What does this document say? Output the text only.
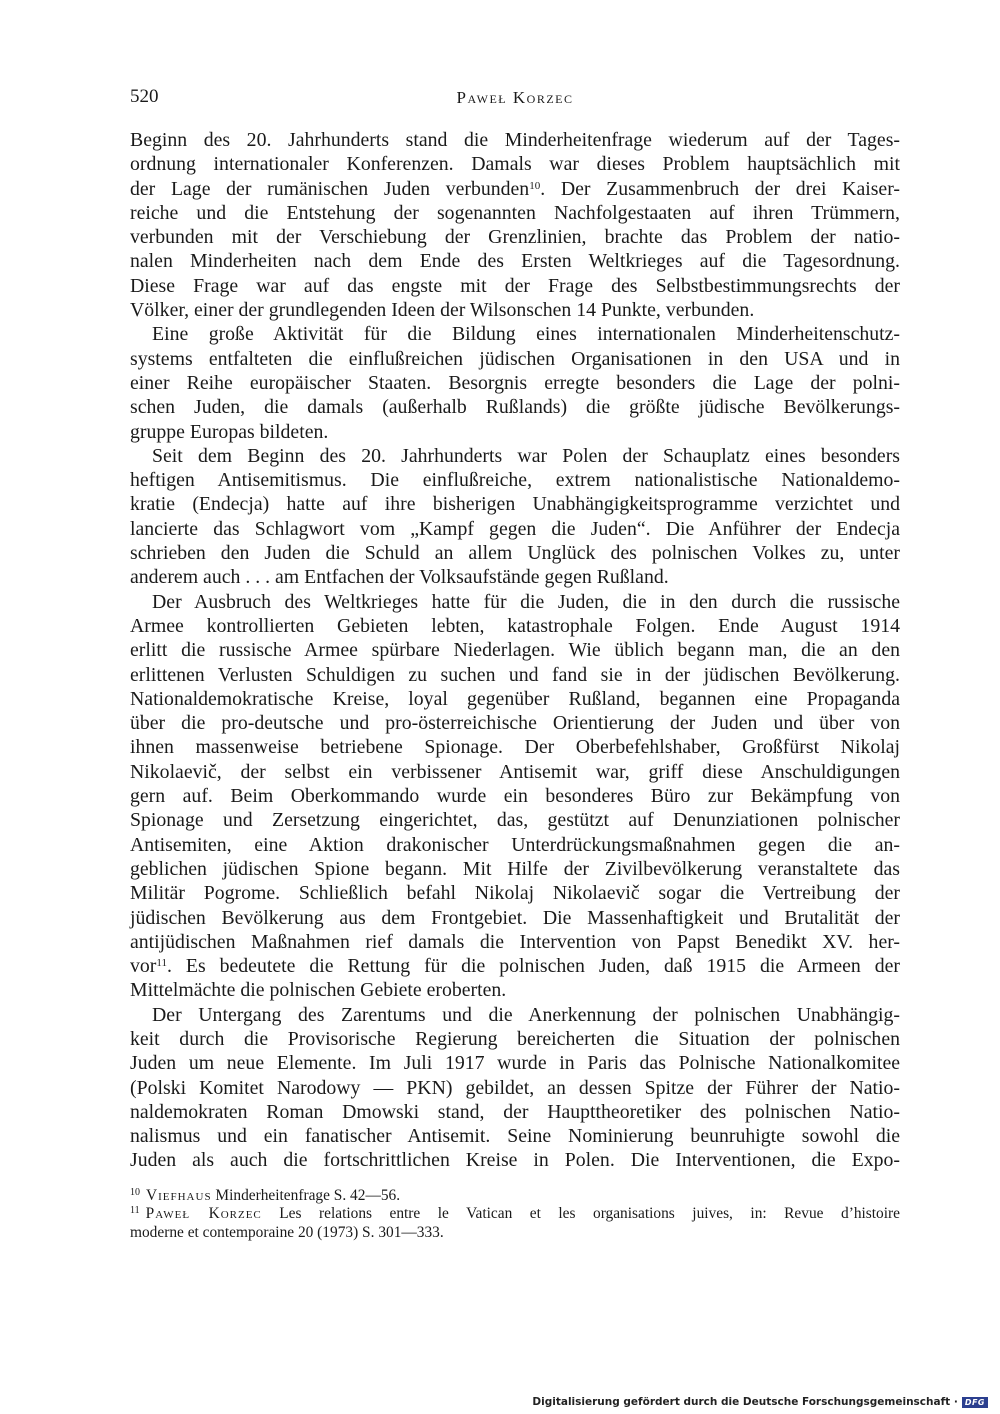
520	Paweł Korzec
Beginn des 20. Jahrhunderts stand die Minderheitenfrage wiederum auf der Tages-
ordnung internationaler Konferenzen. Damals war dieses Problem hauptsächlich mit
der Lage der rumänischen Juden verbunden$^{10}$. Der Zusammenbruch der drei Kaiser-
reiche und die Entstehung der sogenannten Nachfolgestaaten auf ihren Trümmern,
verbunden mit der Verschiebung der Grenzlinien, brachte das Problem der natio-
nalen Minderheiten nach dem Ende des Ersten Weltkrieges auf die Tagesordnung.
Diese Frage war auf das engste mit der Frage des Selbstbestimmungsrechts der
Völker, einer der grundlegenden Ideen der Wilsonschen 14 Punkte, verbunden.
Eine große Aktivität für die Bildung eines internationalen Minderheitenschutz-
systems entfalteten die einflußreichen jüdischen Organisationen in den USA und in
einer Reihe europäischer Staaten. Besorgnis erregte besonders die Lage der polni-
schen Juden, die damals (außerhalb Rußlands) die größte jüdische Bevölkerungs-
gruppe Europas bildeten.
Seit dem Beginn des 20. Jahrhunderts war Polen der Schauplatz eines besonders
heftigen Antisemitismus. Die einflußreiche, extrem nationalistische Nationaldemo-
kratie (Endecja) hatte auf ihre bisherigen Unabhängigkeitsprogramme verzichtet und
lancierte das Schlagwort vom „Kampf gegen die Juden“. Die Anführer der Endecja
schrieben den Juden die Schuld an allem Unglück des polnischen Volkes zu, unter
anderem auch . . . am Entfachen der Volksaufstände gegen Rußland.
Der Ausbruch des Weltkrieges hatte für die Juden, die in den durch die russische
Armee kontrollierten Gebieten lebten, katastrophale Folgen. Ende August 1914
erlitt die russische Armee spürbare Niederlagen. Wie üblich begann man, die an den
erlittenen Verlusten Schuldigen zu suchen und fand sie in der jüdischen Bevölkerung.
Nationaldemokratische Kreise, loyal gegenüber Rußland, begannen eine Propaganda
über die pro-deutsche und pro-österreichische Orientierung der Juden und über von
ihnen massenweise betriebene Spionage. Der Oberbefehlshaber, Großfürst Nikolaj
Nikolaevič, der selbst ein verbissener Antisemit war, griff diese Anschuldigungen
gern auf. Beim Oberkommando wurde ein besonderes Büro zur Bekämpfung von
Spionage und Zersetzung eingerichtet, das, gestützt auf Denunziationen polnischer
Antisemiten, eine Aktion drakonischer Unterdrückungsmaßnahmen gegen die an-
geblichen jüdischen Spione begann. Mit Hilfe der Zivilbevölkerung veranstaltete das
Militär Pogrome. Schließlich befahl Nikolaj Nikolaevič sogar die Vertreibung der
jüdischen Bevölkerung aus dem Frontgebiet. Die Massenhaftigkeit und Brutalität der
antijüdischen Maßnahmen rief damals die Intervention von Papst Benedikt XV. her-
vor$^{11}$. Es bedeutete die Rettung für die polnischen Juden, daß 1915 die Armeen der
Mittelmächte die polnischen Gebiete eroberten.
Der Untergang des Zarentums und die Anerkennung der polnischen Unabhängig-
keit durch die Provisorische Regierung bereicherten die Situation der polnischen
Juden um neue Elemente. Im Juli 1917 wurde in Paris das Polnische Nationalkomitee
(Polski Komitet Narodowy — PKN) gebildet, an dessen Spitze der Führer der Natio-
naldemokraten Roman Dmowski stand, der Haupttheoretiker des polnischen Natio-
nalismus und ein fanatischer Antisemit. Seine Nominierung beunruhigte sowohl die
Juden als auch die fortschrittlichen Kreise in Polen. Die Interventionen, die Expo-
$^{10}$ Viefhaus Minderheitenfrage S. 42—56.
$^{11}$ Paweł Korzec Les relations entre le Vatican et les organisations juives, in: Revue d’histoire
moderne et contemporaine 20 (1973) S. 301—333.
Digitalisierung gefördert durch die Deutsche Forschungsgemeinschaft · DFG
